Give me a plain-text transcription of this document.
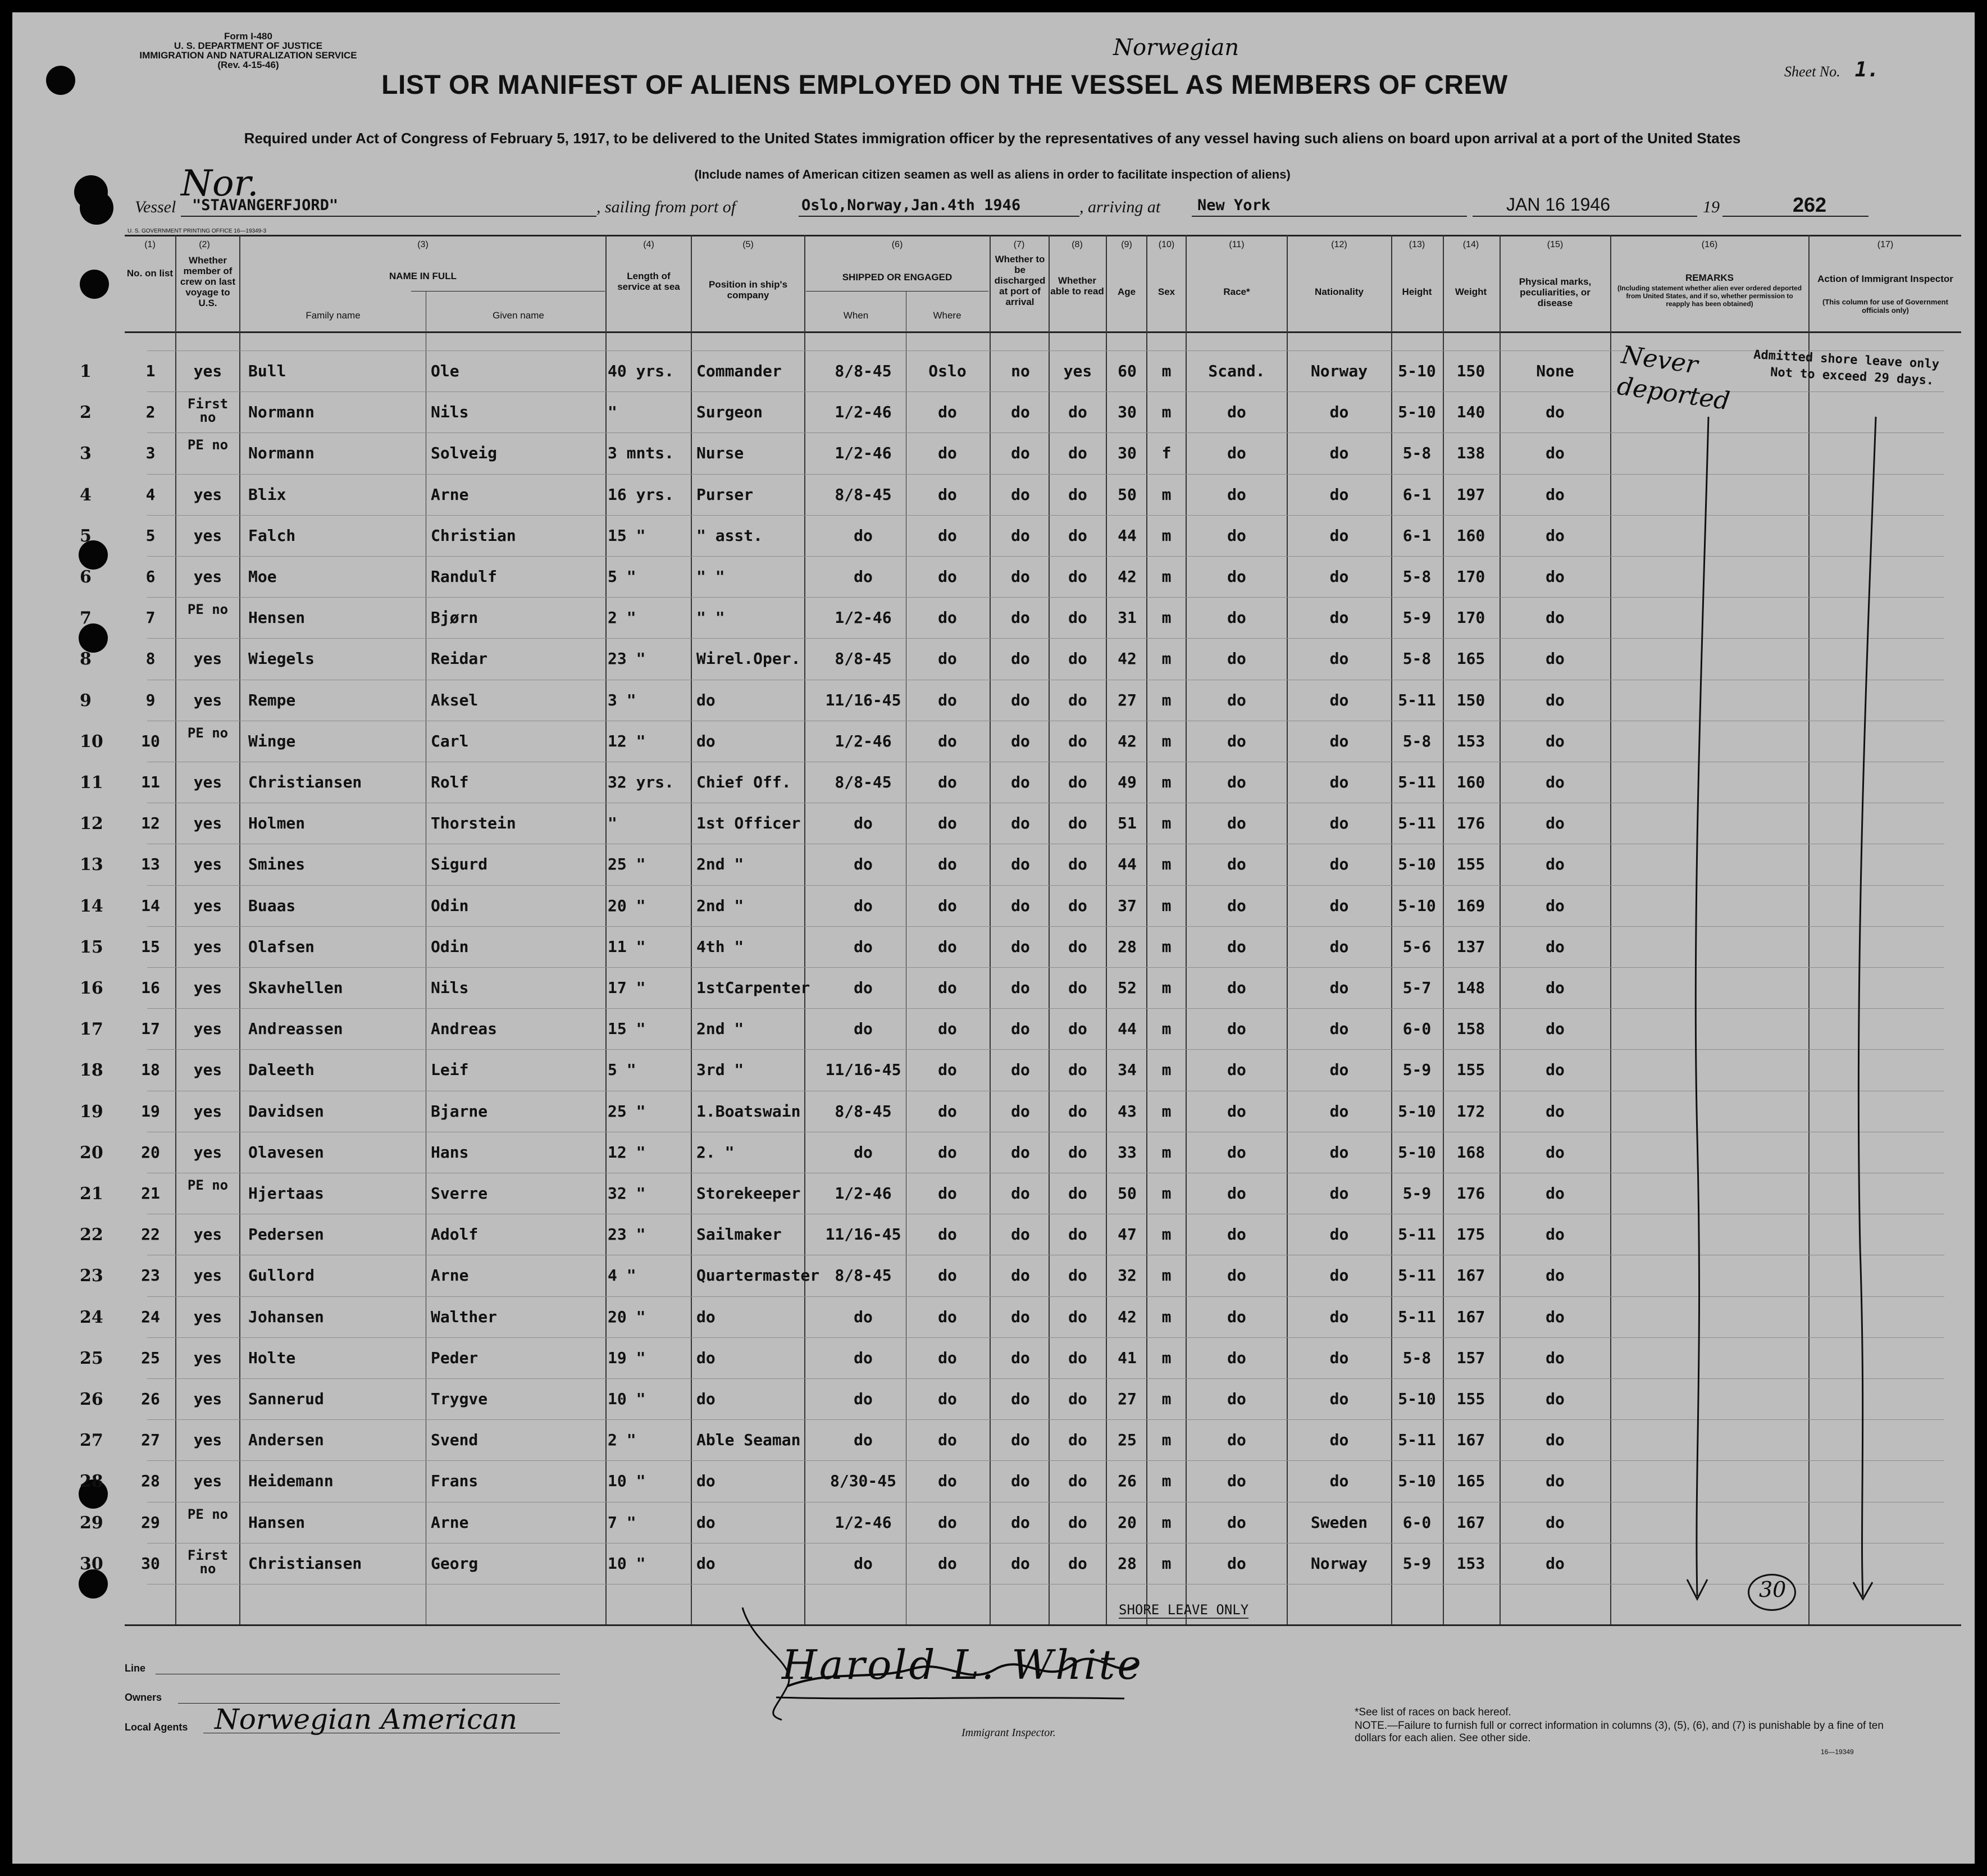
Form I-480
U. S. DEPARTMENT OF JUSTICE
IMMIGRATION AND NATURALIZATION SERVICE
(Rev. 4-15-46)
Norwegian
LIST OR MANIFEST OF ALIENS EMPLOYED ON THE VESSEL AS MEMBERS OF CREW	Sheet No. 1.
Required under Act of Congress of February 5, 1917, to be delivered to the United States immigration officer by the representatives of any vessel having such aliens on board upon arrival at a port of the United States
(Include names of American citizen seamen as well as aliens in order to facilitate inspection of aliens)
Nor.
Vessel "STAVANGERFJORD"	, sailing from port of	Oslo,Norway,Jan.4th 1946	, arriving at New York	JAN 16 1946	19	262
U. S. GOVERNMENT PRINTING OFFICE 16—19349-3
(1)
No. on list
(2)
Whether member of crew on last voyage to U.S.
(3)
NAME IN FULL
Family name	Given name
(4)
Length of service at sea
(5)
Position in ship's company
(6)
SHIPPED OR ENGAGED
When	Where
(7)
Whether to be discharged at port of arrival
(8)
Whether able to read
(9)
Age
(10)
Sex
(11)
Race*
(12)
Nationality
(13)
Height
(14)
Weight
(15)
Physical marks, peculiarities, or disease
(16)
REMARKS
(Including statement whether alien ever ordered deported from United States, and if so, whether permission to reapply has been obtained)
(17)
Action of Immigrant Inspector
(This column for use of Government officials only)
1	1	yes	Bull	Ole	40 yrs.	Commander	8/8-45	Oslo	no	yes	60	m	Scand.	Norway	5-10	150	None
2	2	First no	Normann	Nils	"	Surgeon	1/2-46	do	do	do	30	m	do	do	5-10	140	do
3	3	PE no	Normann	Solveig	3 mnts.	Nurse	1/2-46	do	do	do	30	f	do	do	5-8	138	do
4	4	yes	Blix	Arne	16 yrs.	Purser	8/8-45	do	do	do	50	m	do	do	6-1	197	do
5	5	yes	Falch	Christian	15 "	" asst.	do	do	do	do	44	m	do	do	6-1	160	do
6	6	yes	Moe	Randulf	5 "	" "	do	do	do	do	42	m	do	do	5-8	170	do
7	7	PE no	Hensen	Bjørn	2 "	" "	1/2-46	do	do	do	31	m	do	do	5-9	170	do
8	8	yes	Wiegels	Reidar	23 "	Wirel.Oper.	8/8-45	do	do	do	42	m	do	do	5-8	165	do
9	9	yes	Rempe	Aksel	3 "	do	11/16-45	do	do	do	27	m	do	do	5-11	150	do
10	10	PE no	Winge	Carl	12 "	do	1/2-46	do	do	do	42	m	do	do	5-8	153	do
11	11	yes	Christiansen	Rolf	32 yrs.	Chief Off.	8/8-45	do	do	do	49	m	do	do	5-11	160	do
12	12	yes	Holmen	Thorstein	"	1st Officer	do	do	do	do	51	m	do	do	5-11	176	do
13	13	yes	Smines	Sigurd	25 "	2nd "	do	do	do	do	44	m	do	do	5-10	155	do
14	14	yes	Buaas	Odin	20 "	2nd "	do	do	do	do	37	m	do	do	5-10	169	do
15	15	yes	Olafsen	Odin	11 "	4th "	do	do	do	do	28	m	do	do	5-6	137	do
16	16	yes	Skavhellen	Nils	17 "	1stCarpenter	do	do	do	do	52	m	do	do	5-7	148	do
17	17	yes	Andreassen	Andreas	15 "	2nd "	do	do	do	do	44	m	do	do	6-0	158	do
18	18	yes	Daleeth	Leif	5 "	3rd "	11/16-45	do	do	do	34	m	do	do	5-9	155	do
19	19	yes	Davidsen	Bjarne	25 "	1.Boatswain	8/8-45	do	do	do	43	m	do	do	5-10	172	do
20	20	yes	Olavesen	Hans	12 "	2. "	do	do	do	do	33	m	do	do	5-10	168	do
21	21	PE no	Hjertaas	Sverre	32 "	Storekeeper	1/2-46	do	do	do	50	m	do	do	5-9	176	do
22	22	yes	Pedersen	Adolf	23 "	Sailmaker	11/16-45	do	do	do	47	m	do	do	5-11	175	do
23	23	yes	Gullord	Arne	4 "	Quartermaster 8/8-45	do	do	do	32	m	do	do	5-11	167	do
24	24	yes	Johansen	Walther	20 "	do	do	do	do	do	42	m	do	do	5-11	167	do
25	25	yes	Holte	Peder	19 "	do	do	do	do	do	41	m	do	do	5-8	157	do
26	26	yes	Sannerud	Trygve	10 "	do	do	do	do	do	27	m	do	do	5-10	155	do
27	27	yes	Andersen	Svend	2 "	Able Seaman	do	do	do	do	25	m	do	do	5-11	167	do
28	28	yes	Heidemann	Frans	10 "	do	8/30-45	do	do	do	26	m	do	do	5-10	165	do
29	29	PE no	Hansen	Arne	7 "	do	1/2-46	do	do	do	20	m	do	Sweden	6-0	167	do
30	30	First no	Christiansen	Georg	10 "	do	do	do	do	do	28	m	do	Norway	5-9	153	do
Never deported
Admitted shore leave only
Not to exceed 29 days.
30
SHORE LEAVE ONLY
Line
Owners
Local Agents Norwegian American
Harold L. White
Immigrant Inspector.
*See list of races on back hereof.
NOTE.—Failure to furnish full or correct information in columns (3), (5), (6), and (7) is punishable by a fine of ten dollars for each alien. See other side.
16—19349
